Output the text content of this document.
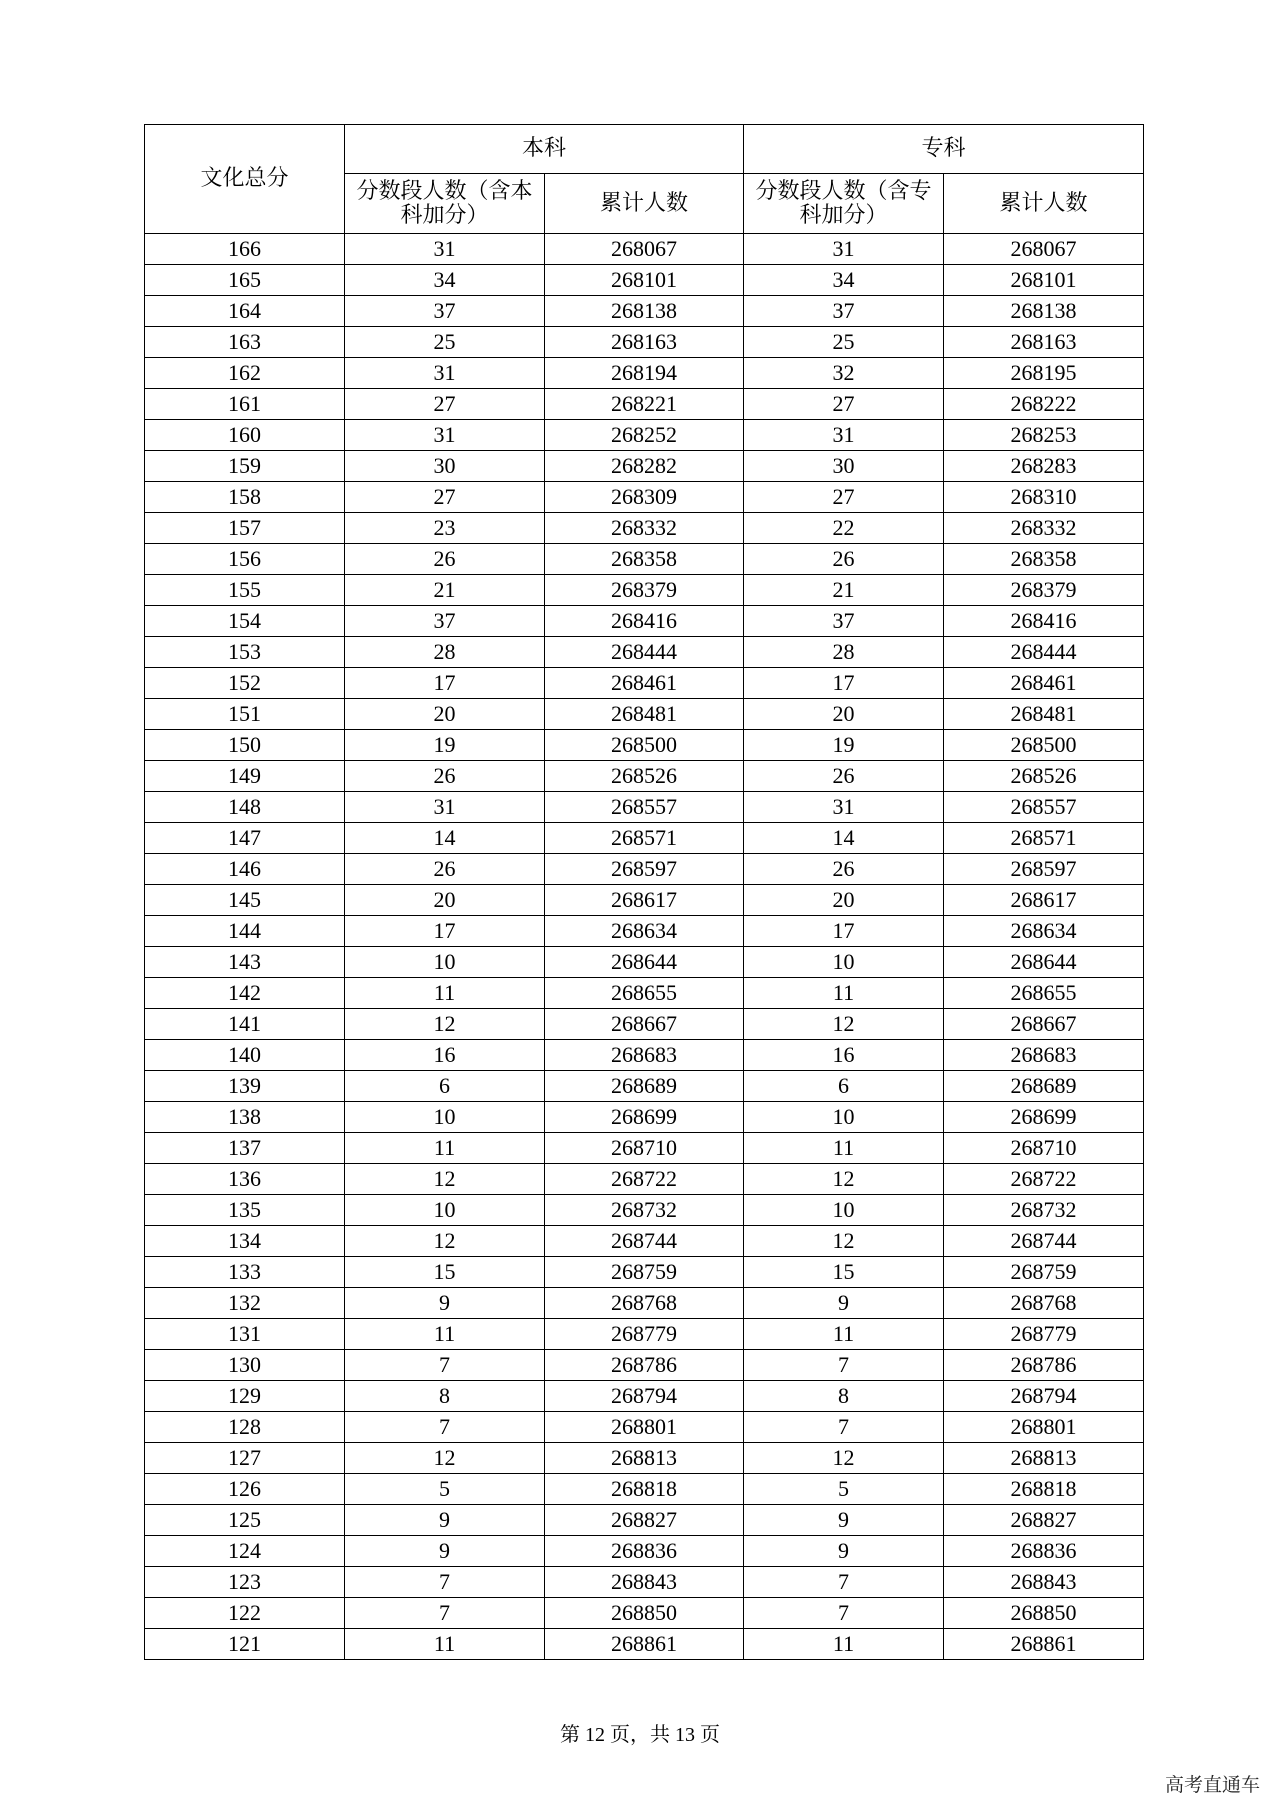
文化总分	本科		专科	
	分数段人数（含本科加分）	累计人数	分数段人数（含专科加分）	累计人数
166	31	268067	31	268067
165	34	268101	34	268101
164	37	268138	37	268138
163	25	268163	25	268163
162	31	268194	32	268195
161	27	268221	27	268222
160	31	268252	31	268253
159	30	268282	30	268283
158	27	268309	27	268310
157	23	268332	22	268332
156	26	268358	26	268358
155	21	268379	21	268379
154	37	268416	37	268416
153	28	268444	28	268444
152	17	268461	17	268461
151	20	268481	20	268481
150	19	268500	19	268500
149	26	268526	26	268526
148	31	268557	31	268557
147	14	268571	14	268571
146	26	268597	26	268597
145	20	268617	20	268617
144	17	268634	17	268634
143	10	268644	10	268644
142	11	268655	11	268655
141	12	268667	12	268667
140	16	268683	16	268683
139	6	268689	6	268689
138	10	268699	10	268699
137	11	268710	11	268710
136	12	268722	12	268722
135	10	268732	10	268732
134	12	268744	12	268744
133	15	268759	15	268759
132	9	268768	9	268768
131	11	268779	11	268779
130	7	268786	7	268786
129	8	268794	8	268794
128	7	268801	7	268801
127	12	268813	12	268813
126	5	268818	5	268818
125	9	268827	9	268827
124	9	268836	9	268836
123	7	268843	7	268843
122	7	268850	7	268850
121	11	268861	11	268861
第 12 页，共 13 页
高考直通车
